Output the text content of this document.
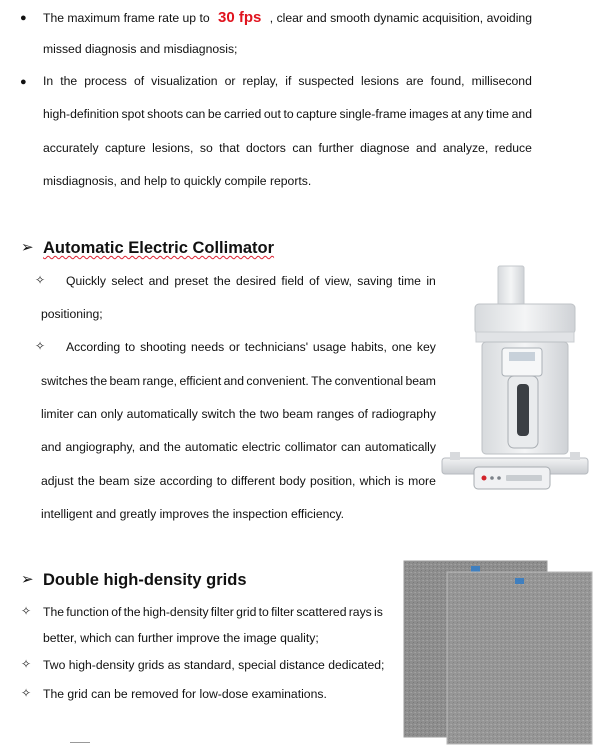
● The maximum frame rate up to 30 fps , clear and smooth dynamic acquisition, avoiding
missed diagnosis and misdiagnosis;
● In the process of visualization or replay, if suspected lesions are found, millisecond
high-definition spot shoots can be carried out to capture single-frame images at any time and
accurately capture lesions, so that doctors can further diagnose and analyze, reduce
misdiagnosis, and help to quickly compile reports.
➢ Automatic Electric Collimator
✧ Quickly select and preset the desired field of view, saving time in
positioning;
✧ According to shooting needs or technicians' usage habits, one key
switches the beam range, efficient and convenient. The conventional beam
limiter can only automatically switch the two beam ranges of radiography
and angiography, and the automatic electric collimator can automatically
adjust the beam size according to different body position, which is more
intelligent and greatly improves the inspection efficiency.
➢ Double high-density grids
✧ The function of the high-density filter grid to filter scattered rays is
better, which can further improve the image quality;
✧ Two high-density grids as standard, special distance dedicated;
✧ The grid can be removed for low-dose examinations.
